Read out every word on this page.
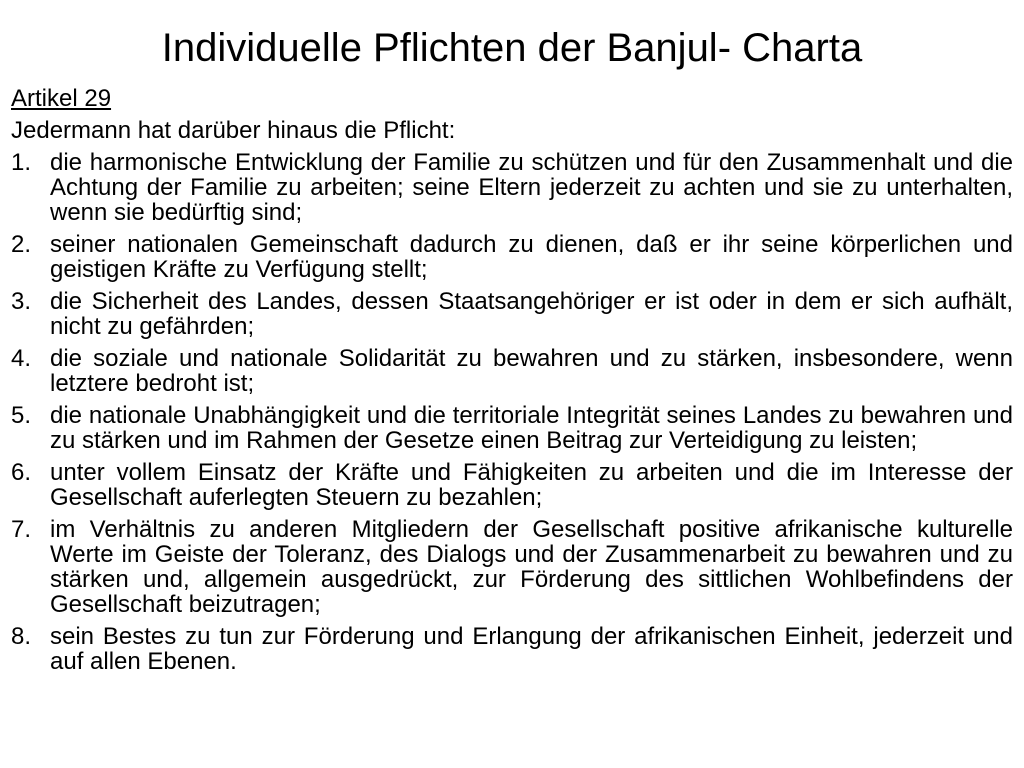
Individuelle Pflichten der Banjul- Charta
Artikel 29
Jedermann hat darüber hinaus die Pflicht:
1. die harmonische Entwicklung der Familie zu schützen und für den Zusammenhalt und die Achtung der Familie zu arbeiten; seine Eltern jederzeit zu achten und sie zu unterhalten, wenn sie bedürftig sind;
2. seiner nationalen Gemeinschaft dadurch zu dienen, daß er ihr seine körperlichen und geistigen Kräfte zu Verfügung stellt;
3. die Sicherheit des Landes, dessen Staatsangehöriger er ist oder in dem er sich aufhält, nicht zu gefährden;
4. die soziale und nationale Solidarität zu bewahren und zu stärken, insbesondere, wenn letztere bedroht ist;
5. die nationale Unabhängigkeit und die territoriale Integrität seines Landes zu bewahren und zu stärken und im Rahmen der Gesetze einen Beitrag zur Verteidigung zu leisten;
6. unter vollem Einsatz der Kräfte und Fähigkeiten zu arbeiten und die im Interesse der Gesellschaft auferlegten Steuern zu bezahlen;
7. im Verhältnis zu anderen Mitgliedern der Gesellschaft positive afrikanische kulturelle Werte im Geiste der Toleranz, des Dialogs und der Zusammenarbeit zu bewahren und zu stärken und, allgemein ausgedrückt, zur Förderung des sittlichen Wohlbefindens der Gesellschaft beizutragen;
8. sein Bestes zu tun zur Förderung und Erlangung der afrikanischen Einheit, jederzeit und auf allen Ebenen.
